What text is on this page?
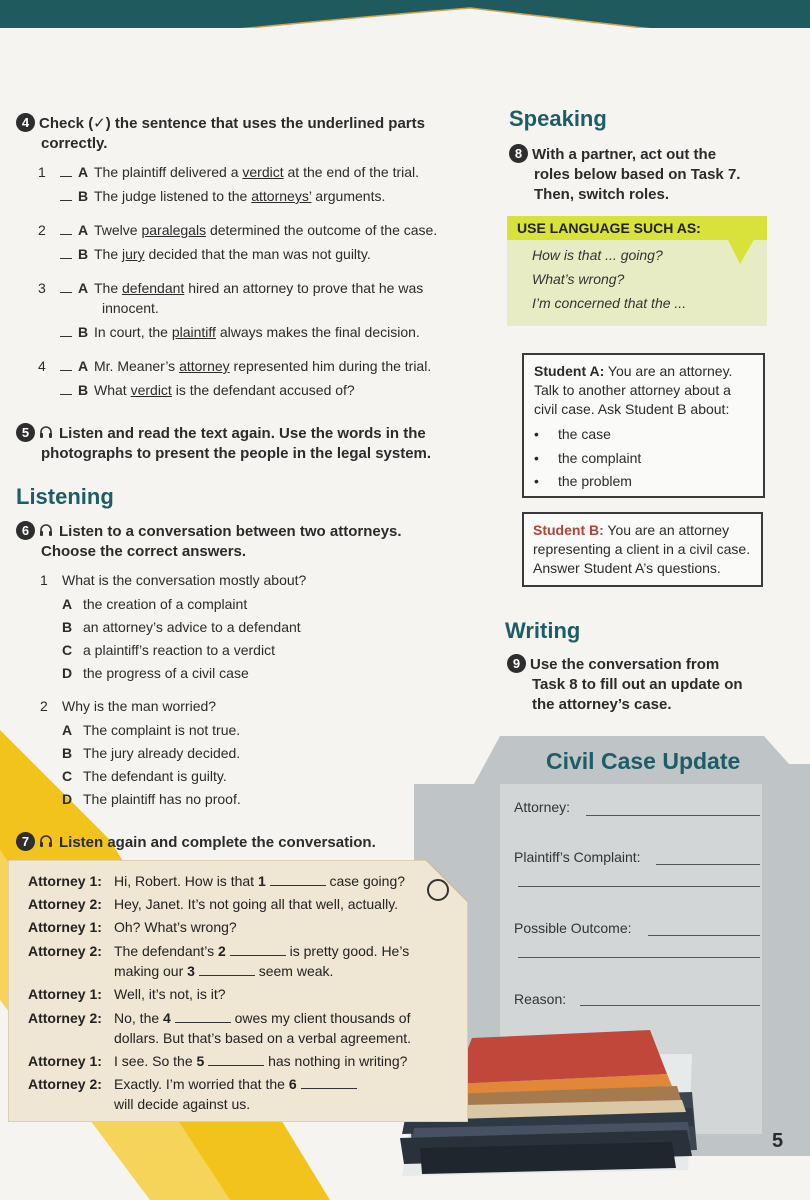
4 Check (✓) the sentence that uses the underlined parts
correctly.
1	A The plaintiff delivered a verdict at the end of the trial.
B The judge listened to the attorneys’ arguments.
2	A Twelve paralegals determined the outcome of the case.
B The jury decided that the man was not guilty.
3	A The defendant hired an attorney to prove that he was
innocent.
B In court, the plaintiff always makes the final decision.
4	A Mr. Meaner’s attorney represented him during the trial.
B What verdict is the defendant accused of?
5 Listen and read the text again. Use the words in the
photographs to present the people in the legal system.
Listening
6 Listen to a conversation between two attorneys.
Choose the correct answers.
1 What is the conversation mostly about?
A the creation of a complaint
B an attorney’s advice to a defendant
C a plaintiff’s reaction to a verdict
D the progress of a civil case
2 Why is the man worried?
A The complaint is not true.
B The jury already decided.
C The defendant is guilty.
D The plaintiff has no proof.
7 Listen again and complete the conversation.
Civil Case Update
Attorney:
Plaintiff’s Complaint:
Possible Outcome:
Reason:
5
Attorney 1: Hi, Robert. How is that 1	case going?
Attorney 2: Hey, Janet. It’s not going all that well, actually.
Attorney 1: Oh? What’s wrong?
Attorney 2: The defendant’s 2	is pretty good. He’s
making our 3	seem weak.
Attorney 1: Well, it’s not, is it?
Attorney 2: No, the 4	owes my client thousands of
dollars. But that’s based on a verbal agreement.
Attorney 1: I see. So the 5	has nothing in writing?
Attorney 2: Exactly. I’m worried that the 6
will decide against us.
Speaking
8 With a partner, act out the
roles below based on Task 7.
Then, switch roles.
USE LANGUAGE SUCH AS:
How is that ... going?
What’s wrong?
I’m concerned that the ...
Student A: You are an attorney.
Talk to another attorney about a
civil case. Ask Student B about:
• the case
• the complaint
• the problem
Student B: You are an attorney
representing a client in a civil case.
Answer Student A’s questions.
Writing
9 Use the conversation from
Task 8 to fill out an update on
the attorney’s case.
